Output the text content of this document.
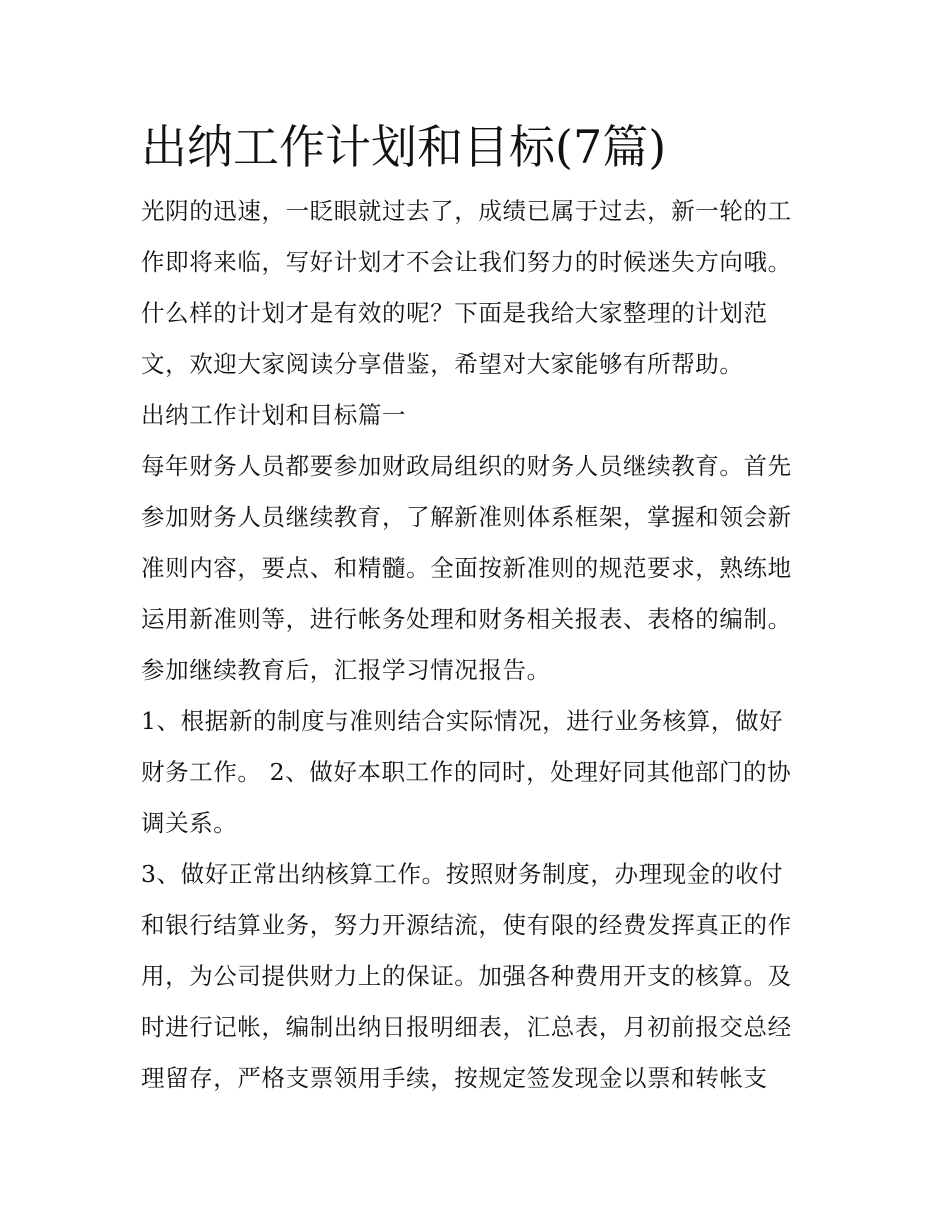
出纳工作计划和目标(7篇)
光阴的迅速，一眨眼就过去了，成绩已属于过去，新一轮的工
作即将来临，写好计划才不会让我们努力的时候迷失方向哦。
什么样的计划才是有效的呢？下面是我给大家整理的计划范
文，欢迎大家阅读分享借鉴，希望对大家能够有所帮助。
出纳工作计划和目标篇一
每年财务人员都要参加财政局组织的财务人员继续教育。首先
参加财务人员继续教育，了解新准则体系框架，掌握和领会新
准则内容，要点、和精髓。全面按新准则的规范要求，熟练地
运用新准则等，进行帐务处理和财务相关报表、表格的编制。
参加继续教育后，汇报学习情况报告。
1、根据新的制度与准则结合实际情况，进行业务核算，做好
财务工作。 2、做好本职工作的同时，处理好同其他部门的协
调关系。
3、做好正常出纳核算工作。按照财务制度，办理现金的收付
和银行结算业务，努力开源结流，使有限的经费发挥真正的作
用，为公司提供财力上的保证。加强各种费用开支的核算。及
时进行记帐，编制出纳日报明细表，汇总表，月初前报交总经
理留存，严格支票领用手续，按规定签发现金以票和转帐支
